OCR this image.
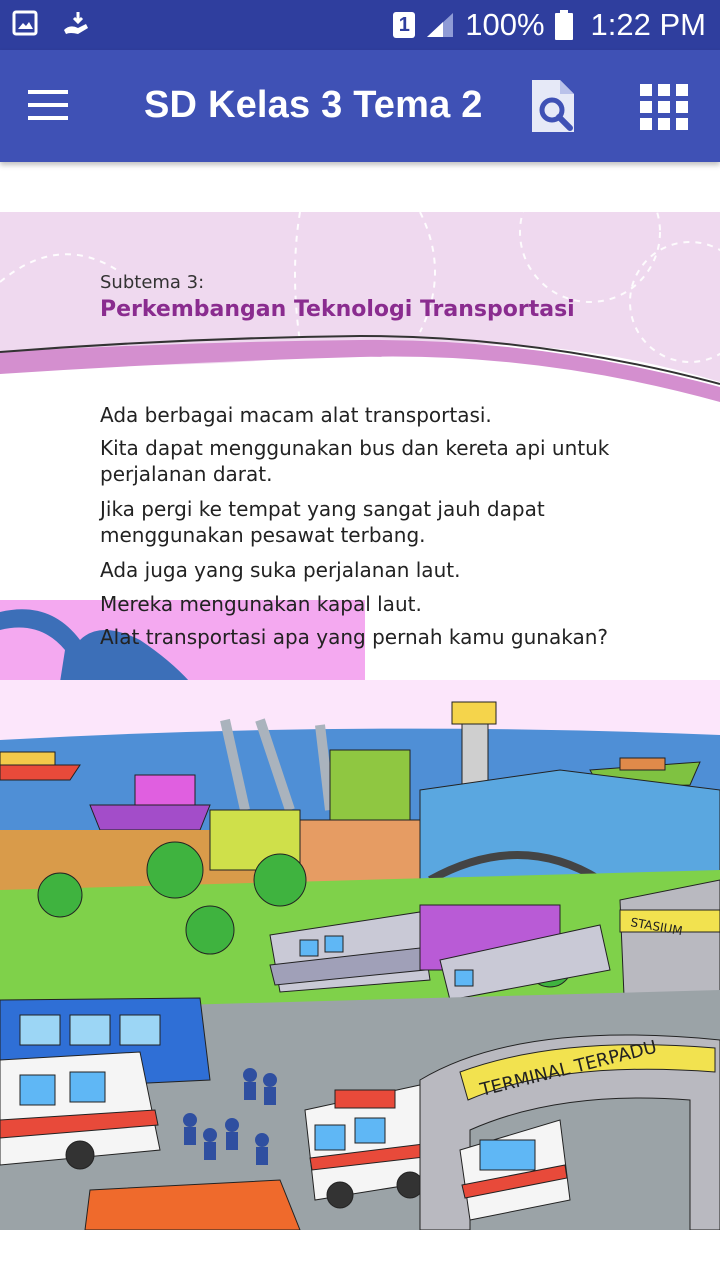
1 100% 1:22 PM
SD Kelas 3 Tema 2
Subtema 3:
Perkembangan Teknologi Transportasi
Ada berbagai macam alat transportasi.
Kita dapat menggunakan bus dan kereta api untuk perjalanan darat.
Jika pergi ke tempat yang sangat jauh dapat menggunakan pesawat terbang.
Ada juga yang suka perjalanan laut.
Mereka mengunakan kapal laut.
Alat transportasi apa yang pernah kamu gunakan?
STASIUM
TERMINAL TERPADU
